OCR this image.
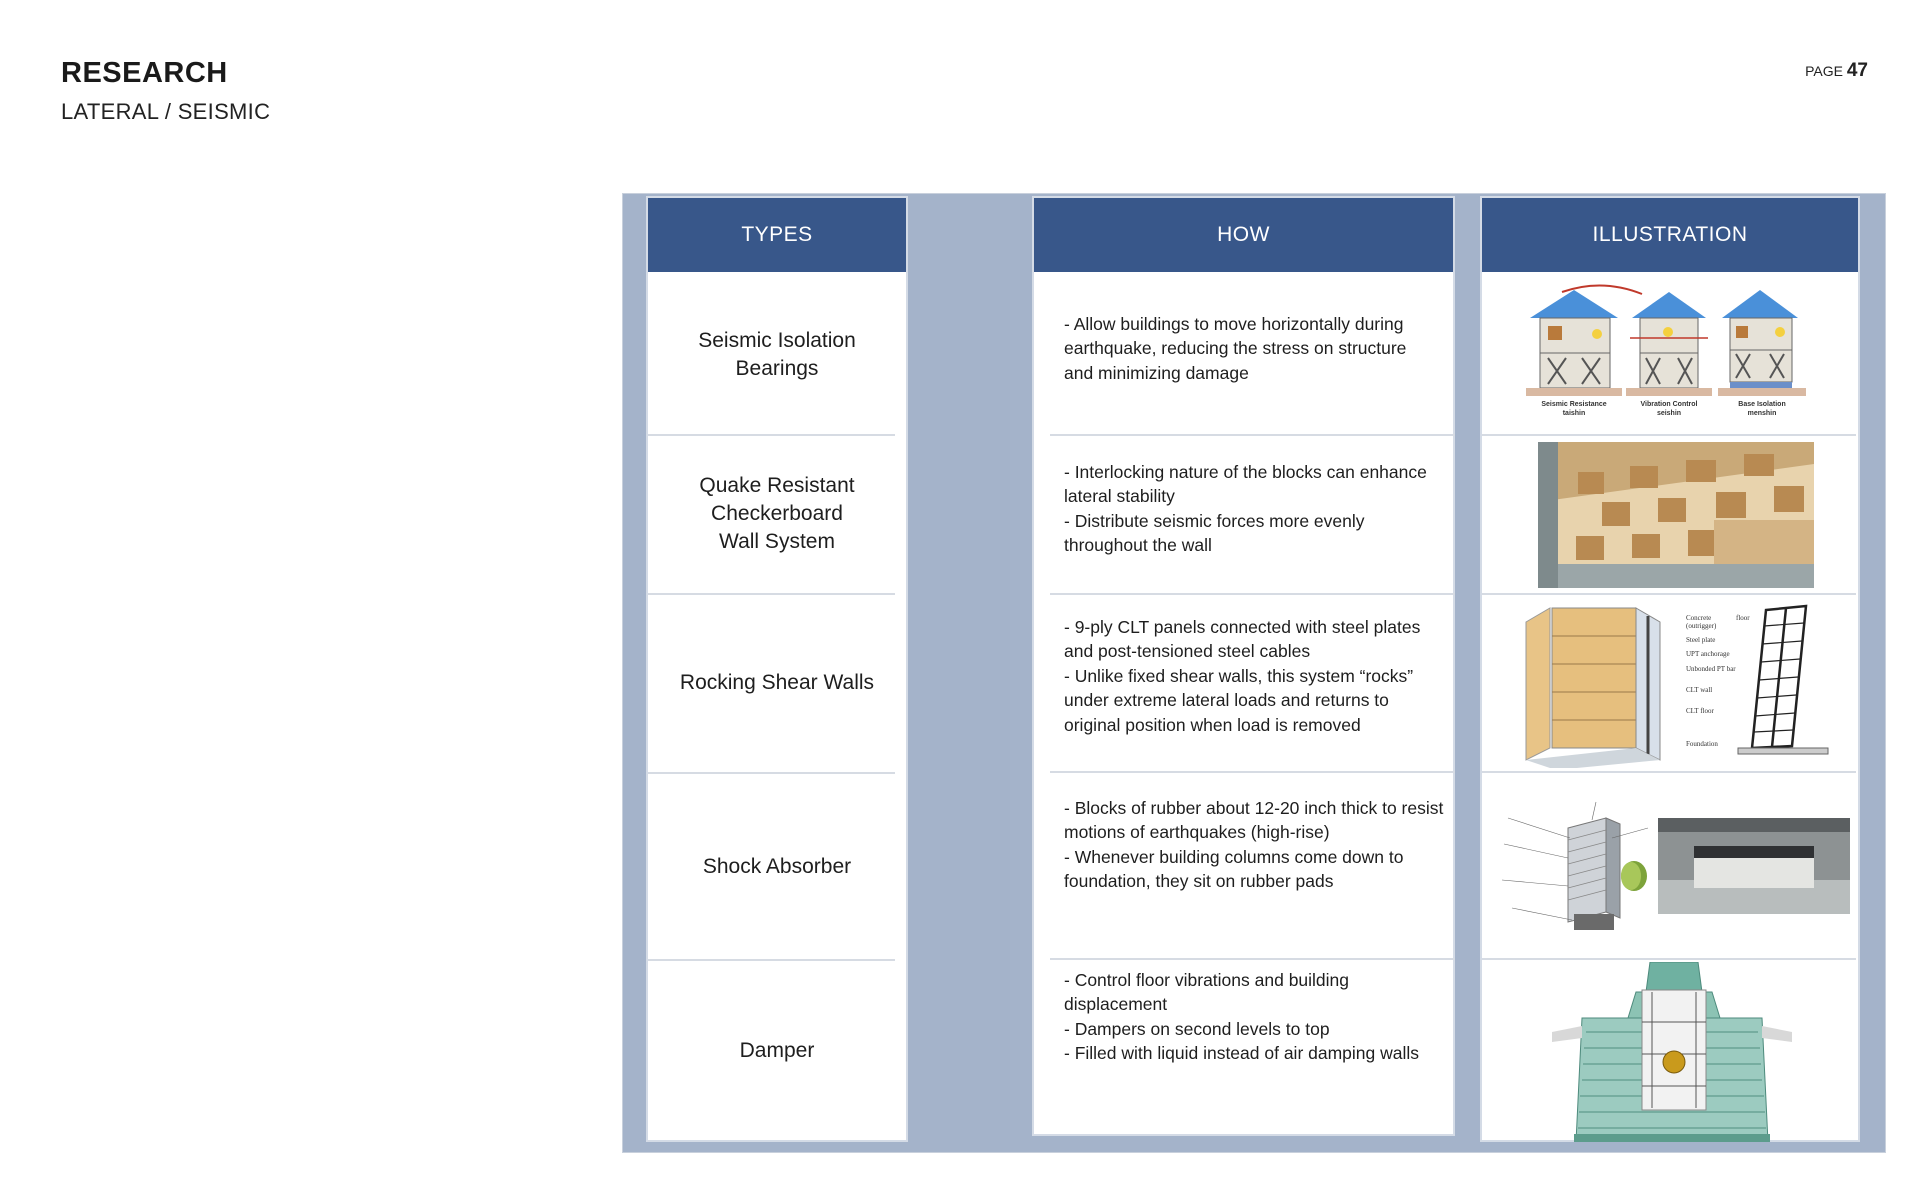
RESEARCH
LATERAL / SEISMIC
PAGE 47
TYPES
Seismic Isolation Bearings
Quake Resistant Checkerboard Wall System
Rocking Shear Walls
Shock Absorber
Damper
HOW
- Allow buildings to move horizontally during earthquake, reducing the stress on structure and minimizing damage
- Interlocking nature of the blocks can enhance lateral stability
- Distribute seismic forces more evenly throughout the wall
- 9-ply CLT panels connected with steel plates and post-tensioned steel cables
- Unlike fixed shear walls, this system “rocks” under extreme lateral loads and returns to original position when load is removed
- Blocks of rubber about 12-20 inch thick to resist motions of earthquakes (high-rise)
- Whenever building columns come down to foundation, they sit on rubber pads
- Control floor vibrations and building displacement
- Dampers on second levels to top
- Filled with liquid instead of air damping walls
ILLUSTRATION
Seismic Resistance
taishin
Vibration Control
seishin
Base Isolation
menshin
Concrete
(outrigger)
floor
Steel plate
UPT anchorage
Unbonded PT bar
CLT wall
CLT floor
Foundation
